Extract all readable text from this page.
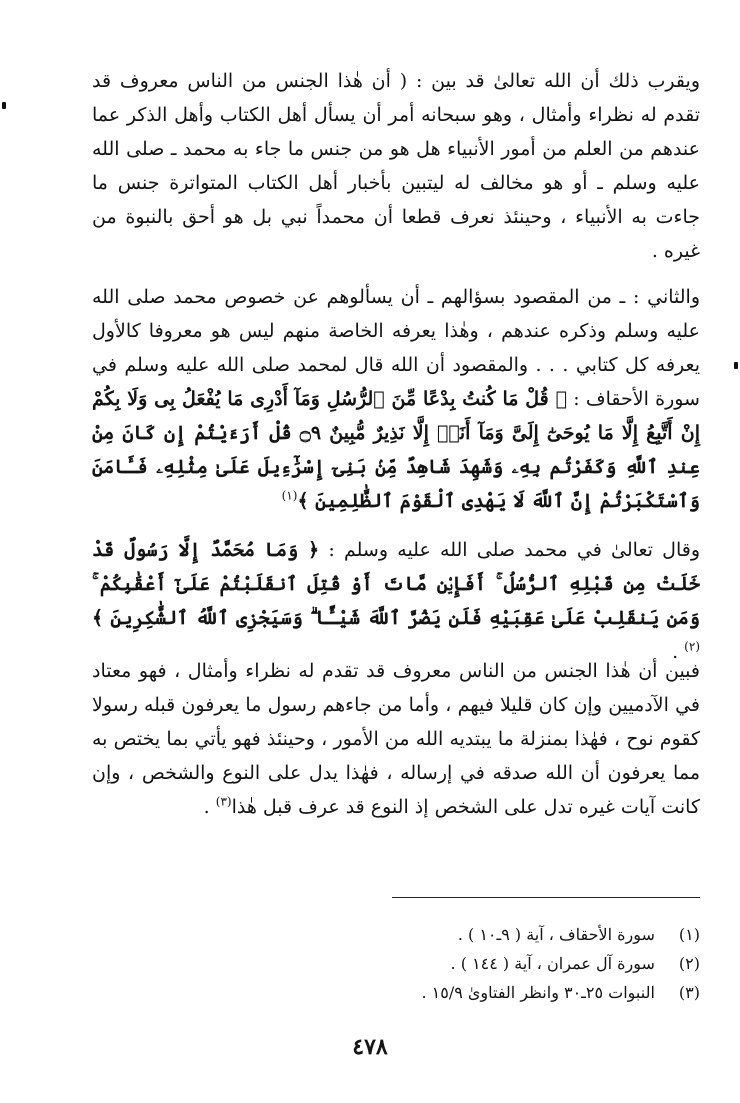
ويقرب ذلك أن الله تعالىٰ قد بين : ( أن هٰذا الجنس من الناس معروف قد تقدم له نظراء وأمثال ، وهو سبحانه أمر أن يسأل أهل الكتاب وأهل الذكر عما عندهم من العلم من أمور الأنبياء هل هو من جنس ما جاء به محمد ـ صلى الله عليه وسلم ـ أو هو مخالف له ليتبين بأخبار أهل الكتاب المتواترة جنس ما جاءت به الأنبياء ، وحينئذ نعرف قطعا أن محمداً نبي بل هو أحق بالنبوة من غيره .

والثاني : ـ من المقصود بسؤالهم ـ أن يسألوهم عن خصوص محمد صلى الله عليه وسلم وذكره عندهم ، وهٰذا يعرفه الخاصة منهم ليس هو معروفا كالأول يعرفه كل كتابي . . . والمقصود أن الله قال لمحمد صلى الله عليه وسلم في سورة الأحقاف : ﴿ قُلْ مَا كُنتُ بِدْعًا مِّنَ ٱلرُّسُلِ وَمَآ أَدْرِى مَا يُفْعَلُ بِى وَلَا بِكُمْ إِنْ أَتَّبِعُ إِلَّا مَا يُوحَىٰٓ إِلَىَّ وَمَآ أَنَا۠ إِلَّا نَذِيرٌ مُّبِينٌ ۝٩ قُلْ أَرَءَيْتُمْ إِن كَانَ مِنْ عِندِ ٱللَّهِ وَكَفَرْتُم بِهِۦ وَشَهِدَ شَاهِدٌ مِّنۢ بَنِىٓ إِسْرَٰٓءِيلَ عَلَىٰ مِثْلِهِۦ فَـَٔامَنَ وَٱسْتَكْبَرْتُمْ إِنَّ ٱللَّهَ لَا يَهْدِى ٱلْقَوْمَ ٱلظَّٰلِمِينَ ﴾$^{(١)}$

وقال تعالىٰ في محمد صلى الله عليه وسلم : ﴿ وَمَا مُحَمَّدٌ إِلَّا رَسُولٌ قَدْ خَلَتْ مِن قَبْلِهِ ٱلرُّسُلُ ۚ أَفَإِي۟ن مَّاتَ أَوْ قُتِلَ ٱنقَلَبْتُمْ عَلَىٰٓ أَعْقَٰبِكُمْ ۚ وَمَن يَنقَلِبْ عَلَىٰ عَقِبَيْهِ فَلَن يَضُرَّ ٱللَّهَ شَيْـًٔا ۗ وَسَيَجْزِى ٱللَّهُ ٱلشَّٰكِرِينَ ﴾$^{(٢)}$ .

فبين أن هٰذا الجنس من الناس معروف قد تقدم له نظراء وأمثال ، فهو معتاد في الآدميين وإن كان قليلا فيهم ، وأما من جاءهم رسول ما يعرفون قبله رسولا كقوم نوح ، فهٰذا بمنزلة ما يبتديه الله من الأمور ، وحينئذ فهو يأتي بما يختص به مما يعرفون أن الله صدقه في إرساله ، فهٰذا يدل على النوع والشخص ، وإن كانت آيات غيره تدل على الشخص إذ النوع قد عرف قبل هٰذا$^{(٣)}$ .

(١) سورة الأحقاف ، آية ( ٩ـ١٠ ) .
(٢) سورة آل عمران ، آية ( ١٤٤ ) .
(٣) النبوات ٢٥ـ٣٠ وانظر الفتاوىٰ ١٥/٩ .
٤٧٨
